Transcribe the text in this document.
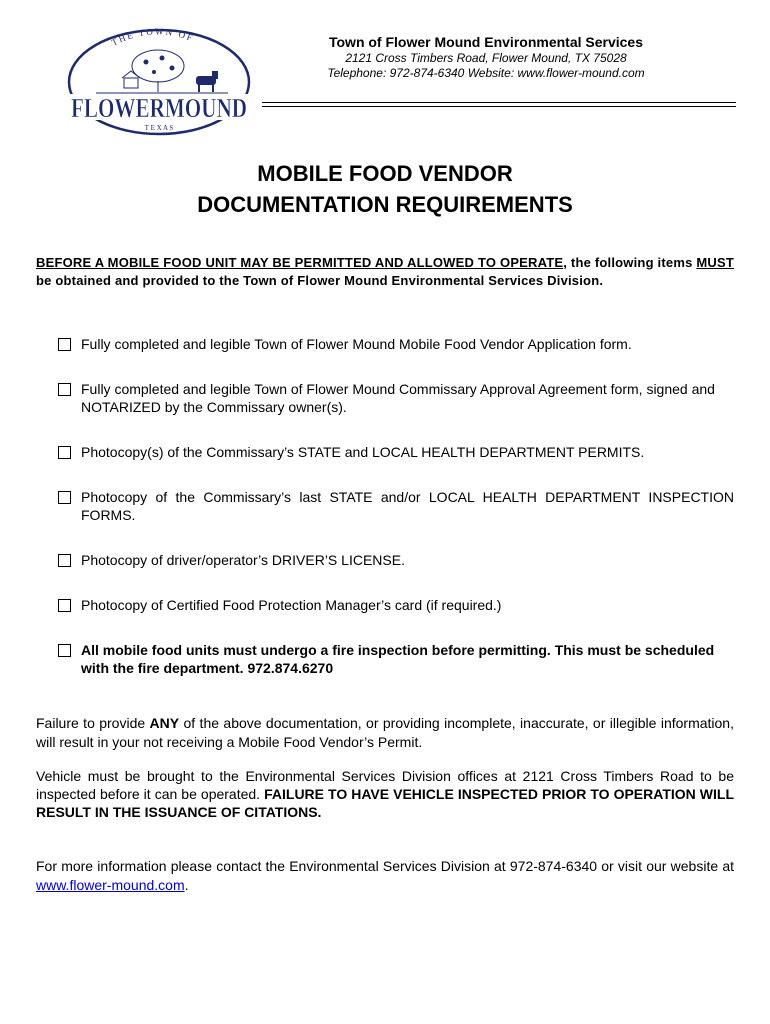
THE TOWN OF
FLOWERMOUND
T E X A S
Town of Flower Mound Environmental Services
2121 Cross Timbers Road, Flower Mound, TX 75028
Telephone: 972-874-6340 Website: www.flower-mound.com
MOBILE FOOD VENDOR
DOCUMENTATION REQUIREMENTS
BEFORE A MOBILE FOOD UNIT MAY BE PERMITTED AND ALLOWED TO OPERATE, the following items MUST be obtained and provided to the Town of Flower Mound Environmental Services Division.
Fully completed and legible Town of Flower Mound Mobile Food Vendor Application form.
Fully completed and legible Town of Flower Mound Commissary Approval Agreement form, signed and NOTARIZED by the Commissary owner(s).
Photocopy(s) of the Commissary’s STATE and LOCAL HEALTH DEPARTMENT PERMITS.
Photocopy of the Commissary’s last STATE and/or LOCAL HEALTH DEPARTMENT INSPECTION FORMS.
Photocopy of driver/operator’s DRIVER’S LICENSE.
Photocopy of Certified Food Protection Manager’s card (if required.)
All mobile food units must undergo a fire inspection before permitting. This must be scheduled with the fire department. 972.874.6270
Failure to provide ANY of the above documentation, or providing incomplete, inaccurate, or illegible information, will result in your not receiving a Mobile Food Vendor’s Permit.
Vehicle must be brought to the Environmental Services Division offices at 2121 Cross Timbers Road to be inspected before it can be operated. FAILURE TO HAVE VEHICLE INSPECTED PRIOR TO OPERATION WILL RESULT IN THE ISSUANCE OF CITATIONS.
For more information please contact the Environmental Services Division at 972-874-6340 or visit our website at www.flower-mound.com.
